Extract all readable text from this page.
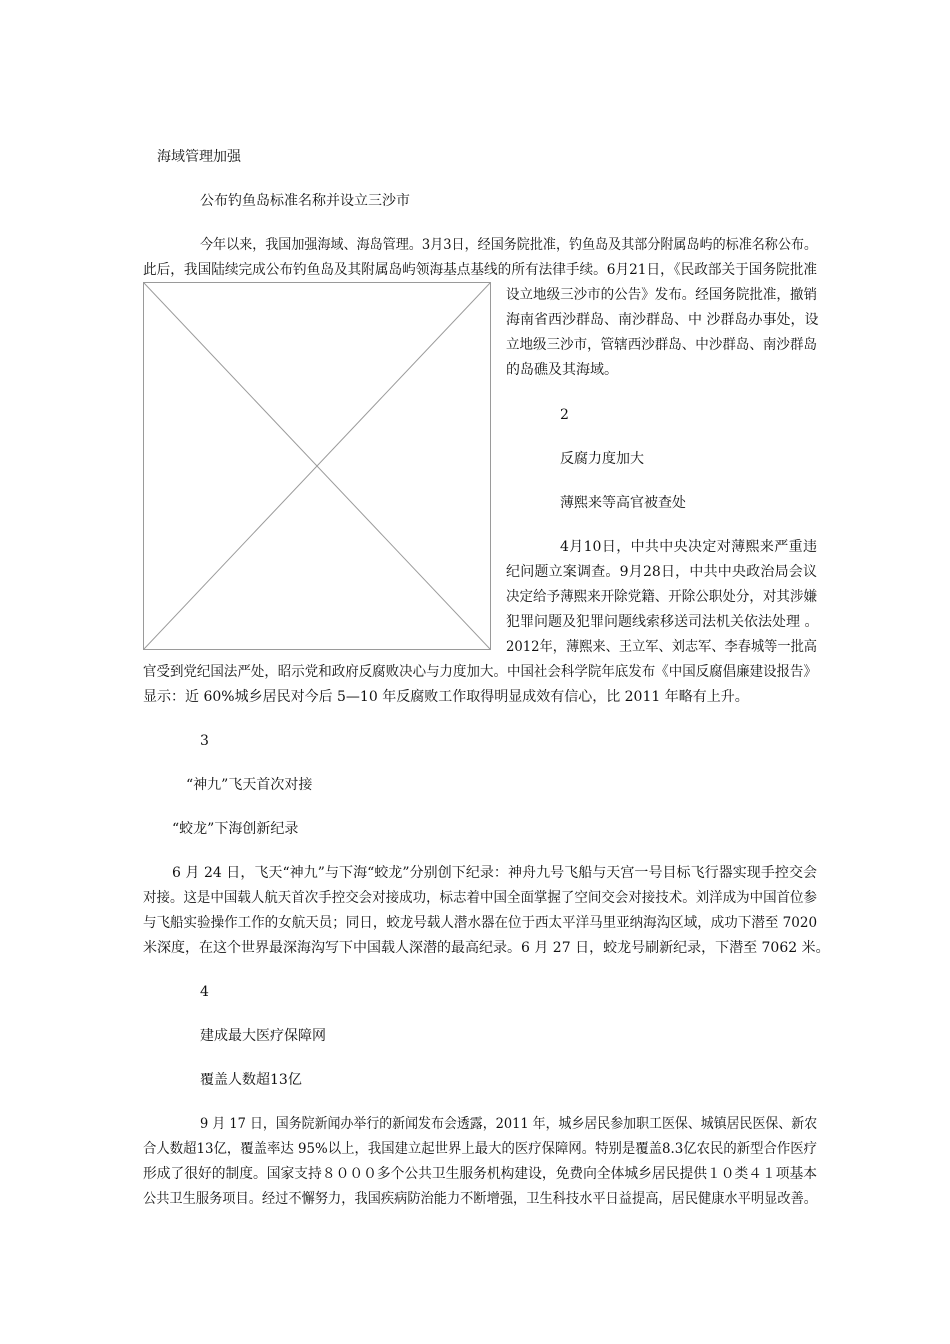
海域管理加强
公布钓鱼岛标准名称并设立三沙市
今年以来，我国加强海域、海岛管理。3月3日，经国务院批准，钓鱼岛及其部分附属岛屿的标准名称公布。
此后，我国陆续完成公布钓鱼岛及其附属岛屿领海基点基线的所有法律手续。6月21日，《民政部关于国务院批准
设立地级三沙市的公告》发布。经国务院批准，撤销
海南省西沙群岛、南沙群岛、中 沙群岛办事处，设
立地级三沙市，管辖西沙群岛、中沙群岛、南沙群岛
的岛礁及其海域。
2
反腐力度加大
薄熙来等高官被查处
4月10日，中共中央决定对薄熙来严重违
纪问题立案调查。9月28日，中共中央政治局会议
决定给予薄熙来开除党籍、开除公职处分，对其涉嫌
犯罪问题及犯罪问题线索移送司法机关依法处理 。
2012年，薄熙来、王立军、刘志军、李春城等一批高
官受到党纪国法严处，昭示党和政府反腐败决心与力度加大。中国社会科学院年底发布《中国反腐倡廉建设报告》
显示：近 60%城乡居民对今后 5—10 年反腐败工作取得明显成效有信心，比 2011 年略有上升。
3
“神九”飞天首次对接
“蛟龙”下海创新纪录
6 月 24 日，飞天“神九”与下海“蛟龙”分别创下纪录：神舟九号飞船与天宫一号目标飞行器实现手控交会
对接。这是中国载人航天首次手控交会对接成功，标志着中国全面掌握了空间交会对接技术。刘洋成为中国首位参
与飞船实验操作工作的女航天员；同日，蛟龙号载人潜水器在位于西太平洋马里亚纳海沟区域，成功下潜至 7020
米深度，在这个世界最深海沟写下中国载人深潜的最高纪录。6 月 27 日，蛟龙号刷新纪录，下潜至 7062 米。
4
建成最大医疗保障网
覆盖人数超13亿
9 月 17 日，国务院新闻办举行的新闻发布会透露，2011 年，城乡居民参加职工医保、城镇居民医保、新农
合人数超13亿，覆盖率达 95%以上，我国建立起世界上最大的医疗保障网。特别是覆盖8.3亿农民的新型合作医疗
形成了很好的制度。国家支持８０００多个公共卫生服务机构建设，免费向全体城乡居民提供１０类４１项基本
公共卫生服务项目。经过不懈努力，我国疾病防治能力不断增强，卫生科技水平日益提高，居民健康水平明显改善。
